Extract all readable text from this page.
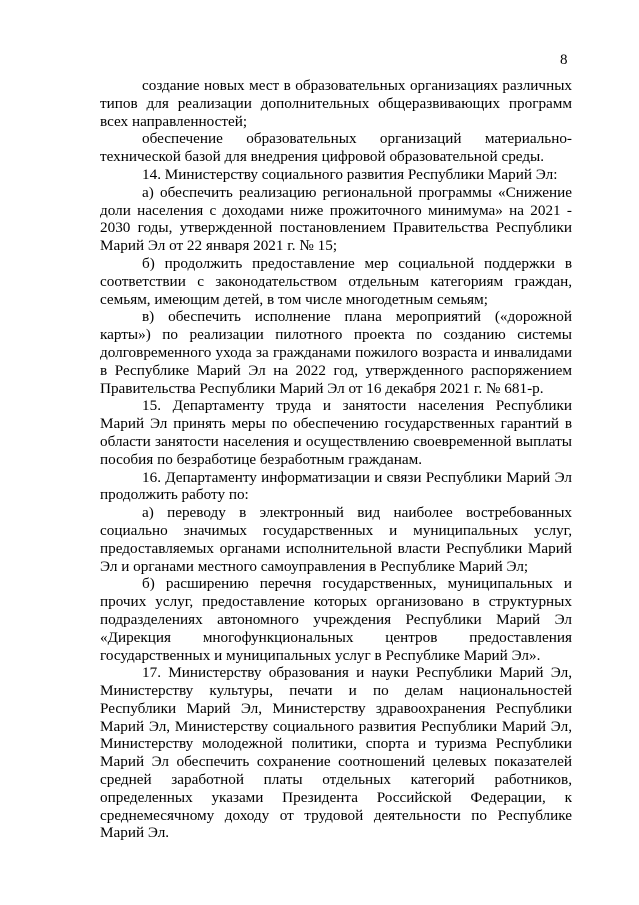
8

создание новых мест в образовательных организациях различных типов для реализации дополнительных общеразвивающих программ всех направленностей;

обеспечение образовательных организаций материально-технической базой для внедрения цифровой образовательной среды.

14. Министерству социального развития Республики Марий Эл:

а) обеспечить реализацию региональной программы «Снижение доли населения с доходами ниже прожиточного минимума» на 2021 - 2030 годы, утвержденной постановлением Правительства Республики Марий Эл от 22 января 2021 г. № 15;

б) продолжить предоставление мер социальной поддержки в соответствии с законодательством отдельным категориям граждан, семьям, имеющим детей, в том числе многодетным семьям;

в) обеспечить исполнение плана мероприятий («дорожной карты») по реализации пилотного проекта по созданию системы долговременного ухода за гражданами пожилого возраста и инвалидами в Республике Марий Эл на 2022 год, утвержденного распоряжением Правительства Республики Марий Эл от 16 декабря 2021 г. № 681-р.

15. Департаменту труда и занятости населения Республики Марий Эл принять меры по обеспечению государственных гарантий в области занятости населения и осуществлению своевременной выплаты пособия по безработице безработным гражданам.

16. Департаменту информатизации и связи Республики Марий Эл продолжить работу по:

а) переводу в электронный вид наиболее востребованных социально значимых государственных и муниципальных услуг, предоставляемых органами исполнительной власти Республики Марий Эл и органами местного самоуправления в Республике Марий Эл;

б) расширению перечня государственных, муниципальных и прочих услуг, предоставление которых организовано в структурных подразделениях автономного учреждения Республики Марий Эл «Дирекция многофункциональных центров предоставления государственных и муниципальных услуг в Республике Марий Эл».

17. Министерству образования и науки Республики Марий Эл, Министерству культуры, печати и по делам национальностей Республики Марий Эл, Министерству здравоохранения Республики Марий Эл, Министерству социального развития Республики Марий Эл, Министерству молодежной политики, спорта и туризма Республики Марий Эл обеспечить сохранение соотношений целевых показателей средней заработной платы отдельных категорий работников, определенных указами Президента Российской Федерации, к среднемесячному доходу от трудовой деятельности по Республике Марий Эл.
